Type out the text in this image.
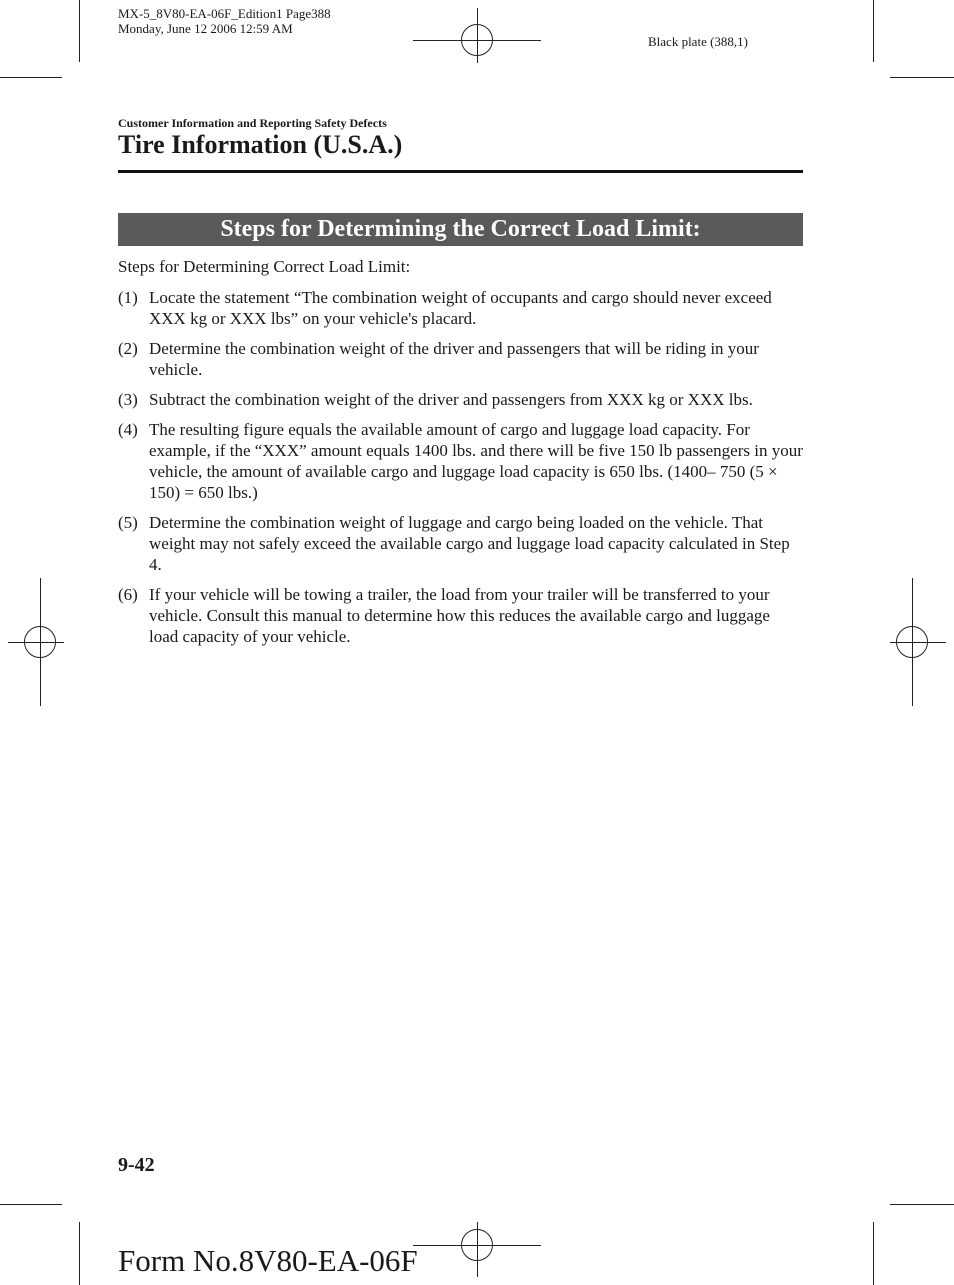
MX-5_8V80-EA-06F_Edition1 Page388
Monday, June 12 2006 12:59 AM
Black plate (388,1)
Customer Information and Reporting Safety Defects
Tire Information (U.S.A.)
Steps for Determining the Correct Load Limit:
Steps for Determining Correct Load Limit:
(1) Locate the statement “The combination weight of occupants and cargo should never exceed XXX kg or XXX lbs” on your vehicle's placard.
(2) Determine the combination weight of the driver and passengers that will be riding in your vehicle.
(3) Subtract the combination weight of the driver and passengers from XXX kg or XXX lbs.
(4) The resulting figure equals the available amount of cargo and luggage load capacity. For example, if the “XXX” amount equals 1400 lbs. and there will be five 150 lb passengers in your vehicle, the amount of available cargo and luggage load capacity is 650 lbs. (1400– 750 (5 × 150) = 650 lbs.)
(5) Determine the combination weight of luggage and cargo being loaded on the vehicle. That weight may not safely exceed the available cargo and luggage load capacity calculated in Step 4.
(6) If your vehicle will be towing a trailer, the load from your trailer will be transferred to your vehicle. Consult this manual to determine how this reduces the available cargo and luggage load capacity of your vehicle.
9-42
Form No.8V80-EA-06F
